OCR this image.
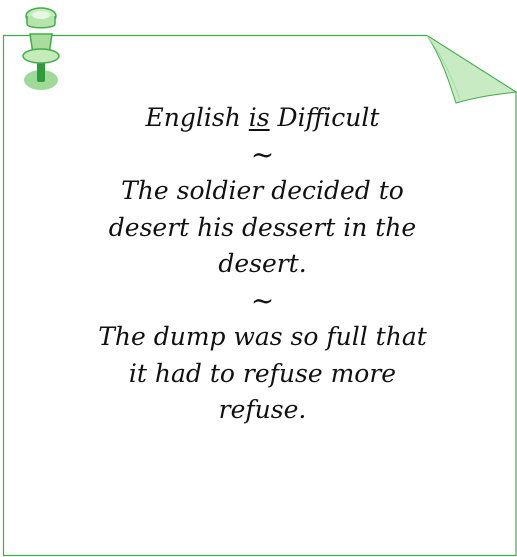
English is Difficult
~
The soldier decided to
desert his dessert in the
desert.
~
The dump was so full that
it had to refuse more
refuse.
